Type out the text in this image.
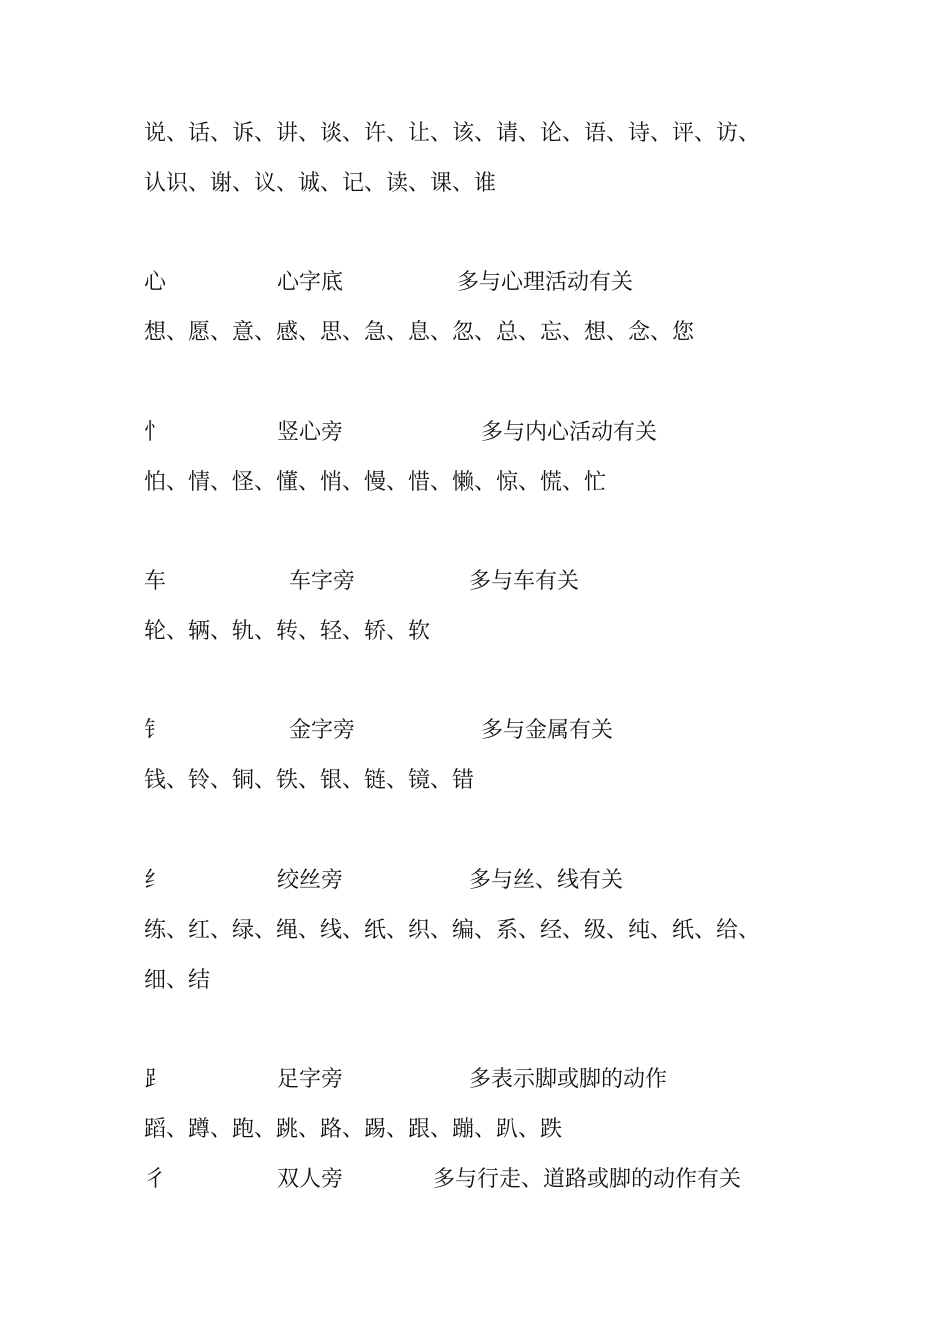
说、话、诉、讲、谈、许、让、该、请、论、语、诗、评、访、
认识、谢、议、诚、记、读、课、谁
心	心字底	多与心理活动有关
想、愿、意、感、思、急、息、忽、总、忘、想、念、您
忄	竖心旁	多与内心活动有关
怕、情、怪、懂、悄、慢、惜、懒、惊、慌、忙
车	车字旁	多与车有关
轮、辆、轨、转、轻、轿、软
钅	金字旁	多与金属有关
钱、铃、铜、铁、银、链、镜、错
纟	绞丝旁	多与丝、线有关
练、红、绿、绳、线、纸、织、编、系、经、级、纯、纸、给、
细、结
⻊	足字旁	多表示脚或脚的动作
蹈、蹲、跑、跳、路、踢、跟、蹦、趴、跌
彳	双人旁	多与行走、道路或脚的动作有关
